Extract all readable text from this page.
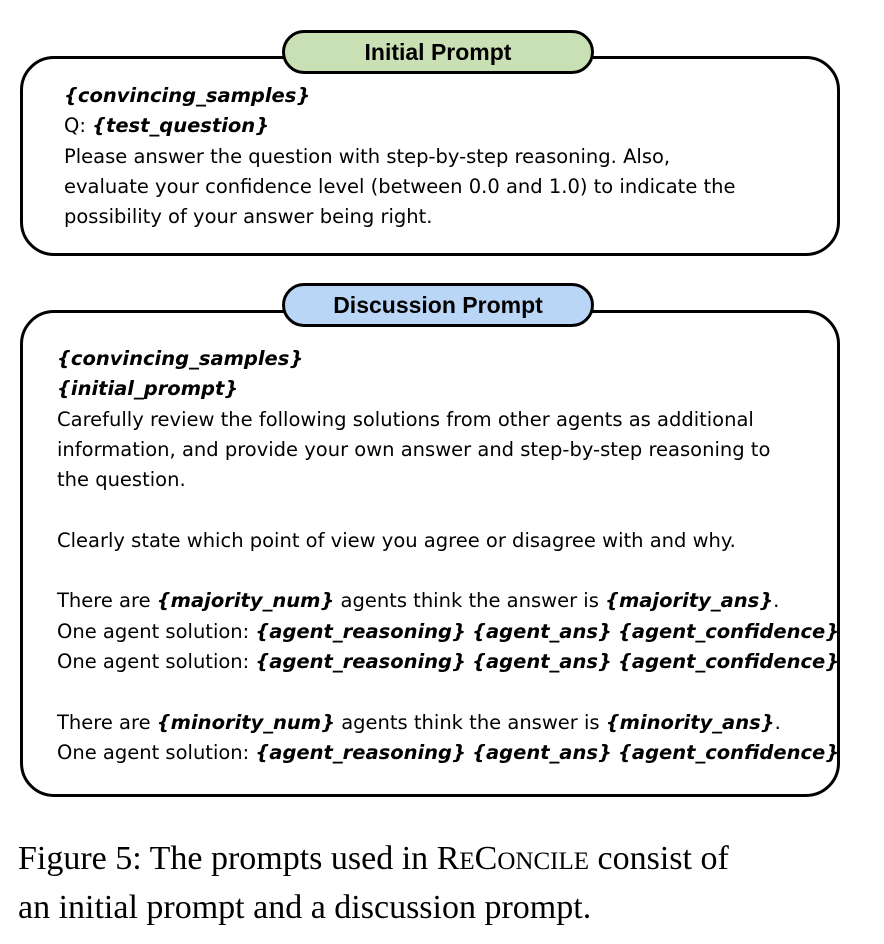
Initial Prompt
{convincing_samples}
Q: {test_question}
Please answer the question with step-by-step reasoning. Also,
evaluate your confidence level (between 0.0 and 1.0) to indicate the
possibility of your answer being right.
Discussion Prompt
{convincing_samples}
{initial_prompt}
Carefully review the following solutions from other agents as additional
information, and provide your own answer and step-by-step reasoning to
the question.
Clearly state which point of view you agree or disagree with and why.
There are {majority_num} agents think the answer is {majority_ans}.
One agent solution: {agent_reasoning} {agent_ans} {agent_confidence}
One agent solution: {agent_reasoning} {agent_ans} {agent_confidence}
There are {minority_num} agents think the answer is {minority_ans}.
One agent solution: {agent_reasoning} {agent_ans} {agent_confidence}
Figure 5: The prompts used in RECONCILE consist of
an initial prompt and a discussion prompt.
